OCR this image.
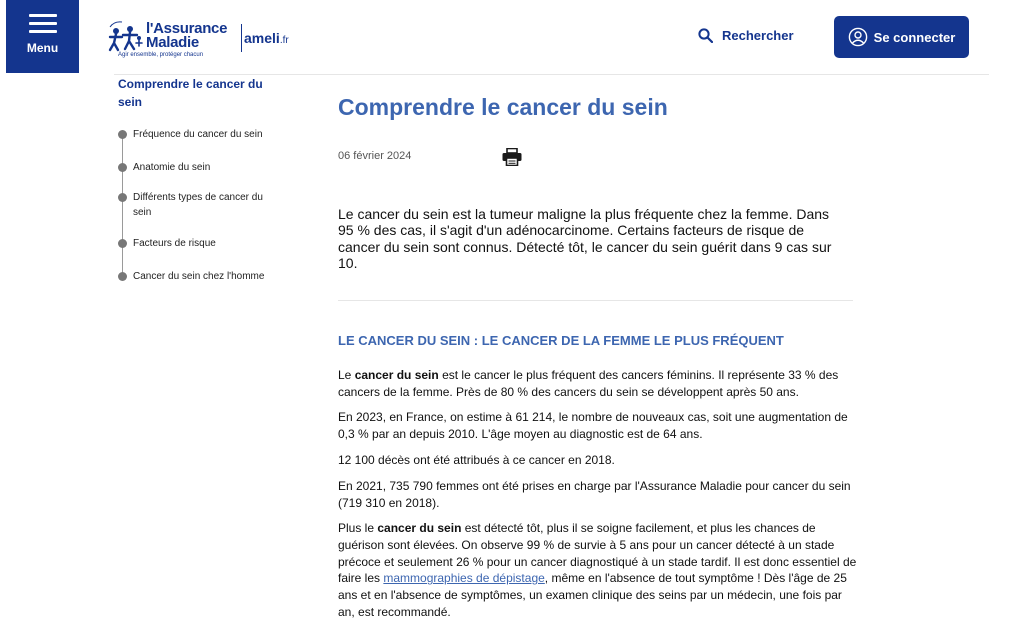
Menu
l'Assurance
Maladie
Agir ensemble, protéger chacun
ameli.fr	Rechercher	Se connecter
Comprendre le cancer du sein
Fréquence du cancer du sein
Anatomie du sein
Différents types de cancer du sein
Facteurs de risque
Cancer du sein chez l'homme
Comprendre le cancer du sein
06 février 2024

Le cancer du sein est la tumeur maligne la plus fréquente chez la femme. Dans 95 % des cas, il s'agit d'un adénocarcinome. Certains facteurs de risque de cancer du sein sont connus. Détecté tôt, le cancer du sein guérit dans 9 cas sur 10.

LE CANCER DU SEIN : LE CANCER DE LA FEMME LE PLUS FRÉQUENT

Le cancer du sein est le cancer le plus fréquent des cancers féminins. Il représente 33 % des cancers de la femme. Près de 80 % des cancers du sein se développent après 50 ans.

En 2023, en France, on estime à 61 214, le nombre de nouveaux cas, soit une augmentation de 0,3 % par an depuis 2010. L'âge moyen au diagnostic est de 64 ans.

12 100 décès ont été attribués à ce cancer en 2018.

En 2021, 735 790 femmes ont été prises en charge par l'Assurance Maladie pour cancer du sein (719 310 en 2018).

Plus le cancer du sein est détecté tôt, plus il se soigne facilement, et plus les chances de guérison sont élevées. On observe 99 % de survie à 5 ans pour un cancer détecté à un stade précoce et seulement 26 % pour un cancer diagnostiqué à un stade tardif. Il est donc essentiel de faire les mammographies de dépistage, même en l'absence de tout symptôme ! Dès l'âge de 25 ans et en l'absence de symptômes, un examen clinique des seins par un médecin, une fois par an, est recommandé.
